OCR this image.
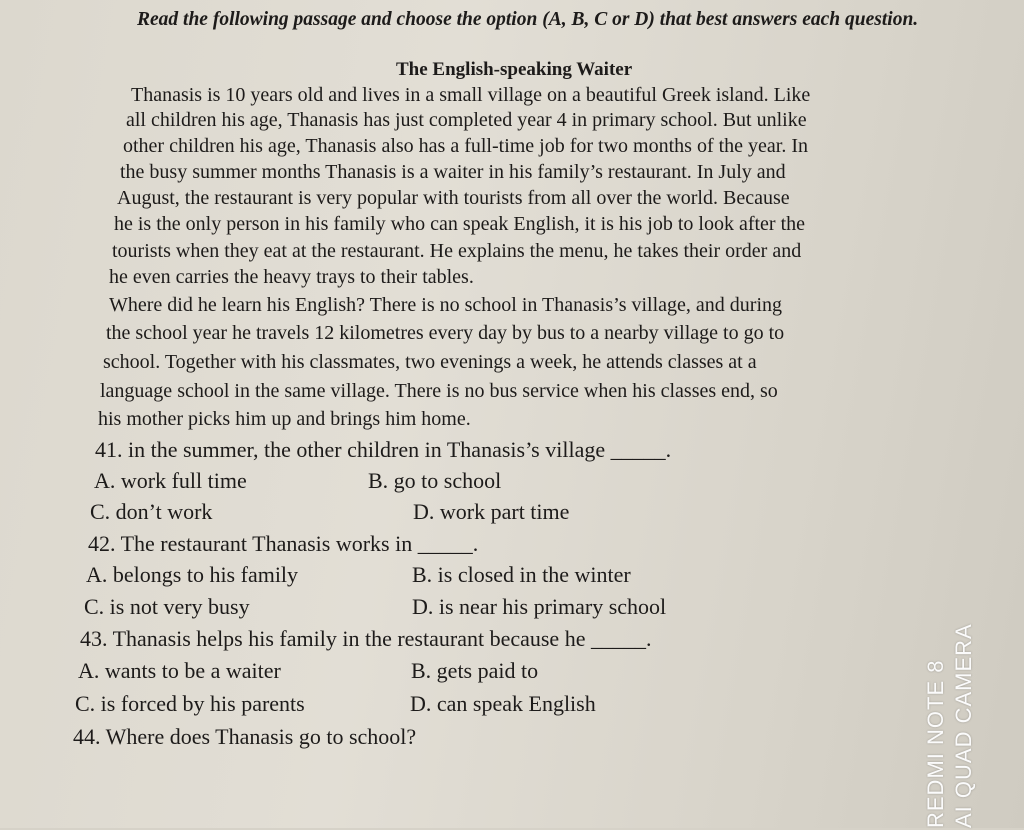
Read the following passage and choose the option (A, B, C or D) that best answers each question.
The English-speaking Waiter
Thanasis is 10 years old and lives in a small village on a beautiful Greek island. Like
all children his age, Thanasis has just completed year 4 in primary school. But unlike
other children his age, Thanasis also has a full-time job for two months of the year. In
the busy summer months Thanasis is a waiter in his family’s restaurant. In July and
August, the restaurant is very popular with tourists from all over the world. Because
he is the only person in his family who can speak English, it is his job to look after the
tourists when they eat at the restaurant. He explains the menu, he takes their order and
he even carries the heavy trays to their tables.
Where did he learn his English? There is no school in Thanasis’s village, and during
the school year he travels 12 kilometres every day by bus to a nearby village to go to
school. Together with his classmates, two evenings a week, he attends classes at a
language school in the same village. There is no bus service when his classes end, so
his mother picks him up and brings him home.
41. in the summer, the other children in Thanasis’s village _____.
A. work full time	B. go to school
C. don’t work	D. work part time
42. The restaurant Thanasis works in _____.
A. belongs to his family	B. is closed in the winter
C. is not very busy	D. is near his primary school
43. Thanasis helps his family in the restaurant because he _____.
A. wants to be a waiter	B. gets paid to
C. is forced by his parents	D. can speak English
44. Where does Thanasis go to school?	REDMI NOTE 8 AI QUAD CAMERA
